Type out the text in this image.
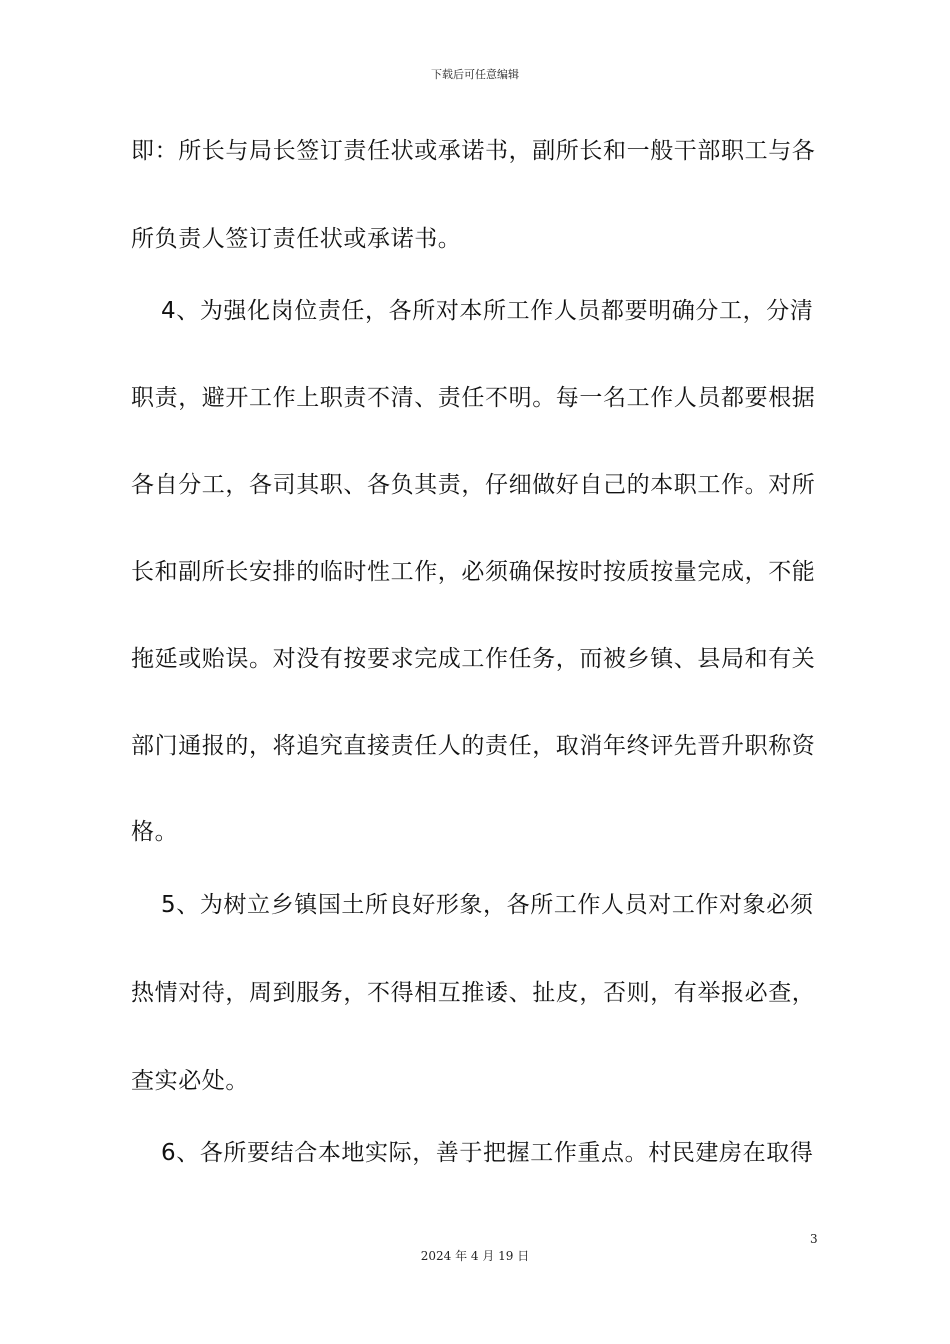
下载后可任意编辑
即：所长与局长签订责任状或承诺书，副所长和一般干部职工与各
所负责人签订责任状或承诺书。
4、为强化岗位责任，各所对本所工作人员都要明确分工，分清
职责，避开工作上职责不清、责任不明。每一名工作人员都要根据
各自分工，各司其职、各负其责，仔细做好自己的本职工作。对所
长和副所长安排的临时性工作，必须确保按时按质按量完成，不能
拖延或贻误。对没有按要求完成工作任务，而被乡镇、县局和有关
部门通报的，将追究直接责任人的责任，取消年终评先晋升职称资
格。
5、为树立乡镇国土所良好形象，各所工作人员对工作对象必须
热情对待，周到服务，不得相互推诿、扯皮，否则，有举报必查，
查实必处。
6、各所要结合本地实际，善于把握工作重点。村民建房在取得
3
2024 年 4 月 19 日
